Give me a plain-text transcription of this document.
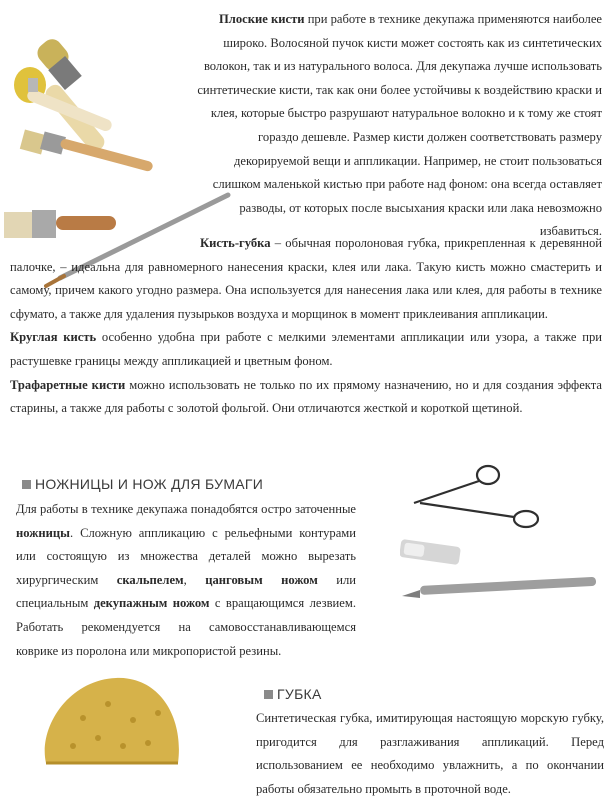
Плоские кисти при работе в технике декупажа применяются наиболее широко. Волосяной пучок кисти может состоять как из синтетических волокон, так и из натурального волоса. Для декупажа лучше использовать синтетические кисти, так как они более устойчивы к воздействию краски и клея, которые быстро разрушают натуральное волокно и к тому же стоят гораздо дешевле. Размер кисти должен соответствовать размеру декорируемой вещи и аппликации. Например, не стоит пользоваться слишком маленькой кистью при работе над фоном: она всегда оставляет разводы, от которых после высыхания краски или лака невозможно избавиться.

Кисть-губка – обычная поролоновая губка, прикрепленная к деревянной палочке, – идеальна для равномерного нанесения краски, клея или лака. Такую кисть можно смастерить и самому, причем какого угодно размера. Она используется для нанесения лака или клея, для работы в технике сфумато, а также для удаления пузырьков воздуха и морщинок в момент приклеивания аппликации.

Круглая кисть особенно удобна при работе с мелкими элементами аппликации или узора, а также при растушевке границы между аппликацией и цветным фоном.

Трафаретные кисти можно использовать не только по их прямому назначению, но и для создания эффекта старины, а также для работы с золотой фольгой. Они отличаются жесткой и короткой щетиной.

НОЖНИЦЫ И НОЖ ДЛЯ БУМАГИ

Для работы в технике декупажа понадобятся остро заточенные ножницы. Сложную аппликацию с рельефными контурами или состоящую из множества деталей можно вырезать хирургическим скальпелем, цанговым ножом или специальным декупажным ножом с вращающимся лезвием. Работать рекомендуется на самовосстанавливающемся коврике из поролона или микропористой резины.

ГУБКА

Синтетическая губка, имитирующая настоящую морскую губку, пригодится для разглаживания аппликаций. Перед использованием ее необходимо увлажнить, а по окончании работы обязательно промыть в проточной воде.
